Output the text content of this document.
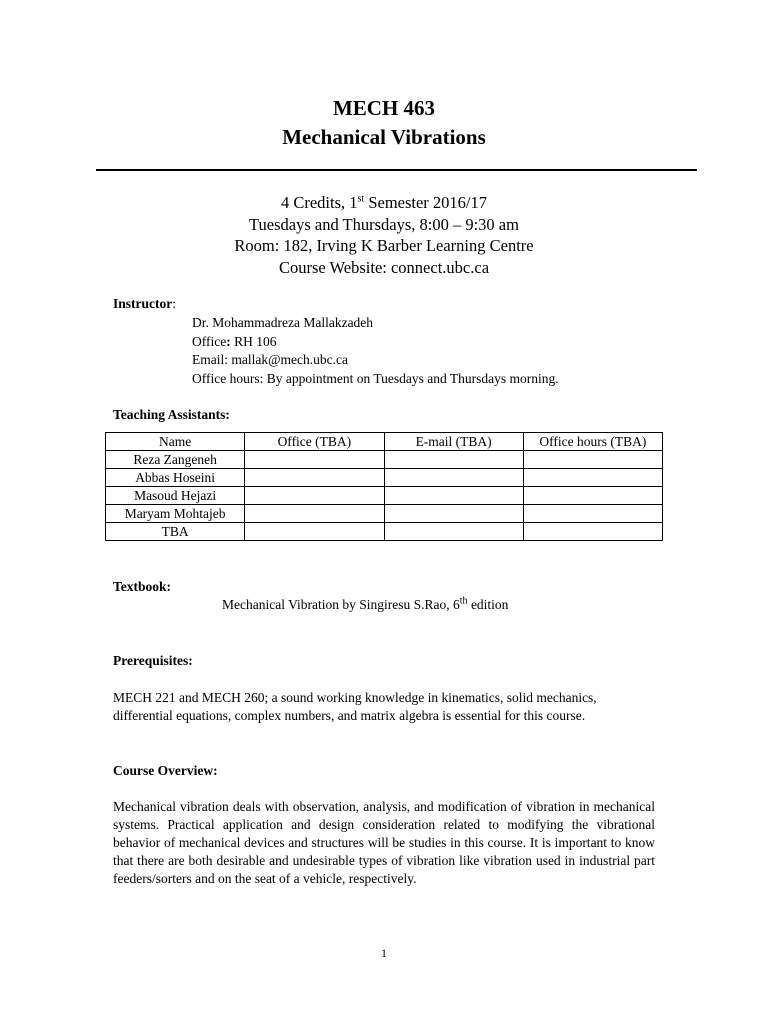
MECH 463
Mechanical Vibrations
4 Credits, 1st Semester 2016/17
Tuesdays and Thursdays, 8:00 – 9:30 am
Room: 182, Irving K Barber Learning Centre
Course Website: connect.ubc.ca
Instructor:
Dr. Mohammadreza Mallakzadeh
Office: RH 106
Email: mallak@mech.ubc.ca
Office hours: By appointment on Tuesdays and Thursdays morning.
Teaching Assistants:
Name	Office (TBA)	E-mail (TBA)	Office hours (TBA)
Reza Zangeneh			
Abbas Hoseini			
Masoud Hejazi			
Maryam Mohtajeb			
TBA			
Textbook:
Mechanical Vibration by Singiresu S.Rao, 6th edition
Prerequisites:
MECH 221 and MECH 260; a sound working knowledge in kinematics, solid mechanics, differential equations, complex numbers, and matrix algebra is essential for this course.
Course Overview:
Mechanical vibration deals with observation, analysis, and modification of vibration in mechanical systems. Practical application and design consideration related to modifying the vibrational behavior of mechanical devices and structures will be studies in this course. It is important to know that there are both desirable and undesirable types of vibration like vibration used in industrial part feeders/sorters and on the seat of a vehicle, respectively.
1
